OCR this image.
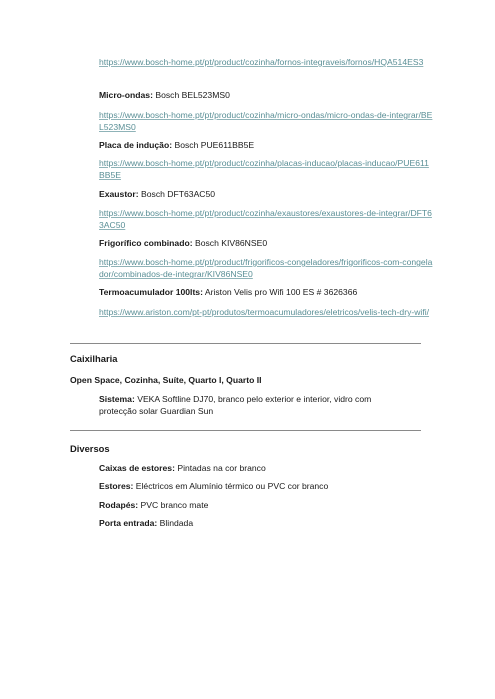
https://www.bosch-home.pt/pt/product/cozinha/fornos-integraveis/fornos/HQA514ES3
Micro-ondas: Bosch BEL523MS0
https://www.bosch-home.pt/pt/product/cozinha/micro-ondas/micro-ondas-de-integrar/BEL523MS0
Placa de indução: Bosch PUE611BB5E
https://www.bosch-home.pt/pt/product/cozinha/placas-inducao/placas-inducao/PUE611BB5E
Exaustor: Bosch DFT63AC50
https://www.bosch-home.pt/pt/product/cozinha/exaustores/exaustores-de-integrar/DFT63AC50
Frigorífico combinado: Bosch KIV86NSE0
https://www.bosch-home.pt/pt/product/frigorificos-congeladores/frigorificos-com-congelador/combinados-de-integrar/KIV86NSE0
Termoacumulador 100lts: Ariston Velis pro Wifi 100 ES # 3626366
https://www.ariston.com/pt-pt/produtos/termoacumuladores/eletricos/velis-tech-dry-wifi/
Caixilharia
Open Space, Cozinha, Suíte, Quarto I, Quarto II
Sistema: VEKA Softline DJ70, branco pelo exterior e interior, vidro com protecção solar Guardian Sun
Diversos
Caixas de estores: Pintadas na cor branco
Estores: Eléctricos em Alumínio térmico ou PVC cor branco
Rodapés: PVC branco mate
Porta entrada: Blindada
